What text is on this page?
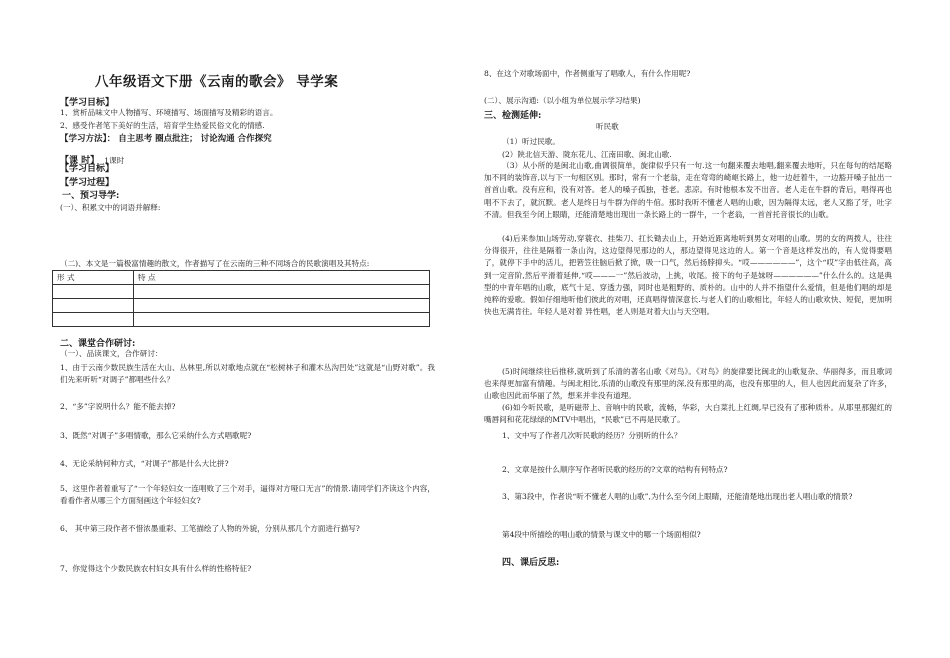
八年级语文下册《云南的歌会》 导学案
【学习目标】
1、赏析品味文中人物描写、环境描写、场面描写及精彩的语言。
2、感受作者笔下美好的生活，培育学生热爱民俗文化的情感.
【学习方法】： 自主思考 圈点批注； 讨论沟通 合作探究
【课 时】 1课时
【学习目标】
【学习过程】
一、预习导学:
(一）、积累文中的词语并解释:
（二)、本文是一篇极富情趣的散文，作者描写了在云南的三种不同场合的民歌演唱及其特点:
形 式	特 点

二、课堂合作研讨:
（一）、品读课文，合作研讨：
1、由于云南少数民族生活在大山、丛林里,所以对歌地点就在“松树林子和灌木丛沟凹处”这就是“山野对歌”。我们先来听听“对调子”都唱些什么？
2、“多”字说明什么？能不能去掉?
3、既然“对调子”多唱情歌，那么它采纳什么方式唱歌呢?
4、无论采纳何种方式，“对调子”都是什么大比拼?
5、这里作者着重写了“一个年轻妇女一连唱败了三个对手，逼得对方哑口无言”的情景.请同学们齐读这个内容，看看作者从哪三个方面刻画这个年轻妇女?
6、 其中第三段作者不惜浓墨重彩、工笔描绘了人物的外貌，分别从那几个方面进行描写?
7、你觉得这个少数民族农村妇女具有什么样的性格特征?
8、在这个对歌场面中，作者侧重写了唱歌人，有什么作用呢?
(二）、展示沟通:（以小组为单位展示学习结果)
三、检测延伸:
听民歌
（1）听过民歌。
(2）陕北信天游、陇东花儿、江南田歌、闽北山歌.
（3）从小所的是闽北山歌,曲调很简单，旋律似乎只有一句.这一句翻来覆去地唱,翻来覆去地听，只在每句的结尾略加不同的装饰音,以与下一句相区别。那时，常有一个老翁，走在弯弯的崎岖长路上，他一边赶着牛，一边豁开嗓子扯出一首首山歌。没有应和，没有对答。老人的嗓子孤独，苍老。悲凉。有时他根本发不出音。老人走在牛群的背后，唱得再也唱不下去了，就沉默。老人是终日与牛群为伴的牛倌。那时我听不懂老人唱的山歌，因为隔得太远，老人又豁了牙，吐字不清。但我至今闭上眼睛，还能清楚地出现出一条长路上的一群牛，一个老翁，一首首托音很长的山歌。
(4)后来参加山场劳动,穿蓑衣、挂柴刀、扛长锄去山上，开始近距离地听到男女对唱的山歌。男的女的两拨人，往往分得很开，往往是隔着一条山沟，这边望得见那边的人，那边望得见这边的人。第一个音是这样发出的，有人觉得要唱了，就停下手中的活儿，把箬笠往脑后掀了掀，吸一口气，然后扬脖抑头。“哎——————”，这个“哎”字由低往高，高到一定音阶,然后平滑着延伸,“哎———一”然后波动，上挑，收尾。接下的句子是妹呀——————”什么什么的。这是典型的中青年唱的山歌，底气十足、穿透力强，同时也是粗野的、质朴的。山中的人并不指望什么爱情，但是他们唱的却是纯粹的爱歌。假如仔细地听他们彼此的对唱，还真唱得情深意长.与老人们的山歌相比，年轻人的山歌欢快、短促，更加明快也无满肯往。年轻人是对着 异性唱，老人则是对着大山与天空唱。
(5)时间继续往后推移,就听到了乐清的著名山歌《对鸟》。《对鸟》的旋律要比闽北的山歌复杂、华丽得多，而且歌词也来得更加富有情趣。与闽北相比,乐清的山歌没有那里的深,没有那里的高，也没有那里的人，但人也因此而复杂了许多，山歌也因此而华丽了然，想来并非没有道理。
(6)如今听民歌，是听磁带上、音响中的民歌，流畅，华彩，大白菜扎上红绸,早已没有了那种质朴。从耶里那猩红的嘴唇间和花花绿绿的MTV中唱出，“民歌”已不再是民歌了。
1、文中写了作者几次听民歌的经历？分别听的什么？
2、文章是按什么顺序写作者听民歌的经历的?文章的结构有何特点?
3、第3段中，作者说“听不懂老人唱的山歌”,为什么至今闭上眼睛，还能清楚地出现出老人唱山歌的情景?
第4段中所描绘的唱山歌的情景与课文中的哪一个场面相似?
四、课后反思:
